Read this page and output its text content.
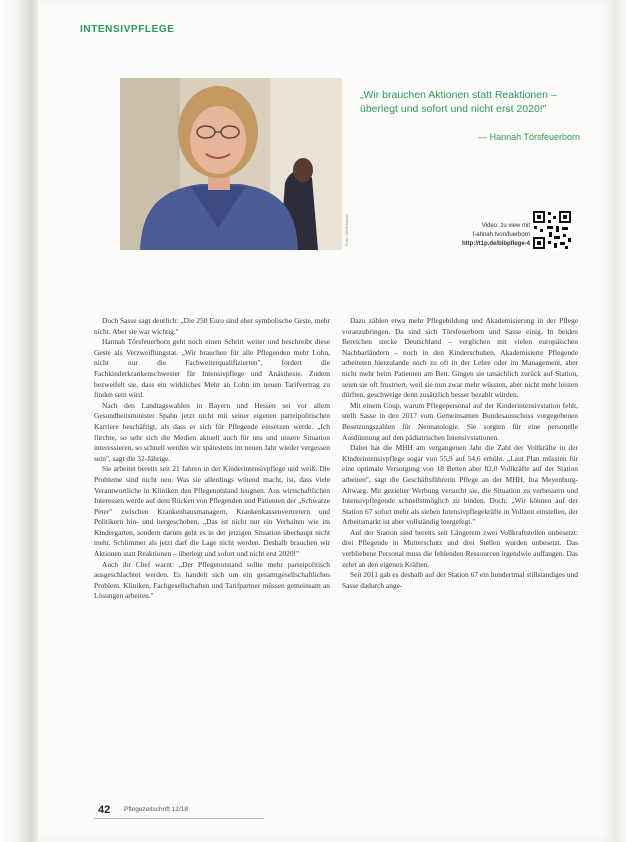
INTENSIVPFLEGE
Foto: MHH/Kaiser
„Wir brauchen Aktionen statt Reaktionen – überlegt und sofort und nicht erst 2020!"
— Hannah Törsfeuerborn
Video: zu view mit
f-ahnah tvon/fuerborn
http://t1p.de/bibpflege-4

Doch Sasse sagt deutlich: „Die 250 Euro sind eher symbolische Geste, mehr nicht. Aber sie war wichtig."

Hannah Törsfeuerborn geht noch einen Schritt weiter und beschreibt diese Geste als Verzweiflungstat. „Wir brauchen für alle Pflegenden mehr Lohn, nicht nur die Fachweiterqualifizierten", fordert die Fachkinderkrankenschwester für Intensivpflege und Anästhesie. Zudem bezweifelt sie, dass ein wirkliches Mehr an Lohn im neuen Tarifvertrag zu finden sein wird.

Nach den Landtagswahlen in Bayern und Hessen sei vor allem Gesundheitsminister Spahn jetzt nicht mit seiner eigenen parteipolitischen Karriere beschäftigt, als dass er sich für Pflegende einsetzen werde. „Ich fürchte, so sehr sich die Medien aktuell auch für uns und unsere Situation interessieren, so schnell werden wir spätestens im neuen Jahr wieder vergessen sein", sagt die 32-Jährige.

Sie arbeitet bereits seit 21 Jahren in der Kinderintensivpflege und weiß: Die Probleme sind nicht neu. Was sie allerdings wütend macht, ist, dass viele Verantwortliche in Kliniken den Pflegenotstand leugnen. Aus wirtschaftlichen Interessen werde auf dem Rücken von Pflegenden und Patienten der „Schwarze Peter" zwischen Krankenhausmanagern, Krankenkassenvertretern und Politikern hin- und hergeschoben. „Das ist nicht nur ein Verhalten wie im Kindergarten, sondern darum geht es in der jetzigen Situation überhaupt nicht mehr. Schlimmer als jetzt darf die Lage nicht werden. Deshalb brauchen wir Aktionen statt Reaktionen – überlegt und sofort und nicht erst 2020!"

Auch ihr Chef warnt: „Der Pflegenotstand sollte mehr parteipolitisch ausgeschlachtet werden. Es handelt sich um ein gesamtgesellschaftliches Problem. Kliniken, Fachgesellschaften und Tarifpartner müssen gemeinsam an Lösungen arbeiten."

Dazu zählen etwa mehr Pflegebildung und Akademisierung in der Pflege voranzubringen. Da sind sich Törsfeuerborn und Sasse einig. In beiden Bereichen stecke Deutschland – verglichen mit vielen europäischen Nachbarländern – noch in den Kinderschuhen. Akademisierte Pflegende arbeiteten hierzulande noch zu oft in der Lehre oder im Management, aber nicht mehr beim Patienten am Bett. Gingen sie tatsächlich zurück auf Station, seien sie oft frustriert, weil sie nun zwar mehr wüssten, aber nicht mehr leisten dürften, geschweige denn zusätzlich besser bezahlt würden.

Mit einem Coup, warum Pflegepersonal auf der Kinderintensivstation fehlt, stellt Sasse in den 2017 vom Gemeinsamen Bundesausschuss vorgegebenen Besetzungszahlen für Neonatologie. Sie sorgten für eine personelle Ausdünnung auf den pädiatrischen Intensivstationen.

Dabei hat die MHH am vergangenen Jahr die Zahl der Vollkräfte in der Kinderintensivpflege sogar von 55,9 auf 54,6 erhöht. „Laut Plan müssten für eine optimale Versorgung von 18 Betten aber 82,0 Vollkräfte auf der Station arbeiten", sagt die Geschäftsführerin Pflege an der MHH, Ina Meyenburg-Altwarg. Mit gezielter Werbung versucht sie, die Situation zu verbessern und Intensivpflegende schnellstmöglich zu binden. Doch: „Wir können auf der Station 67 sofort mehr als sieben Intensivpflegekräfte in Vollzeit einstellen, der Arbeitsmarkt ist aber vollständig leergefegt."

Auf der Station sind bereits seit Längerem zwei Vollkraftstellen unbesetzt: drei Pflegende in Mutterschutz und drei Stellen wurden unbesetzt. Das verbliebene Personal muss die fehlenden Ressourcen irgendwie auffangen. Das zehrt an den eigenen Kräften.

Seit 2011 gab es deshalb auf der Station 67 ein hundertmal stillstandiges und Sasse dadurch ange-

42 Pflegezeitschrift 12/18
